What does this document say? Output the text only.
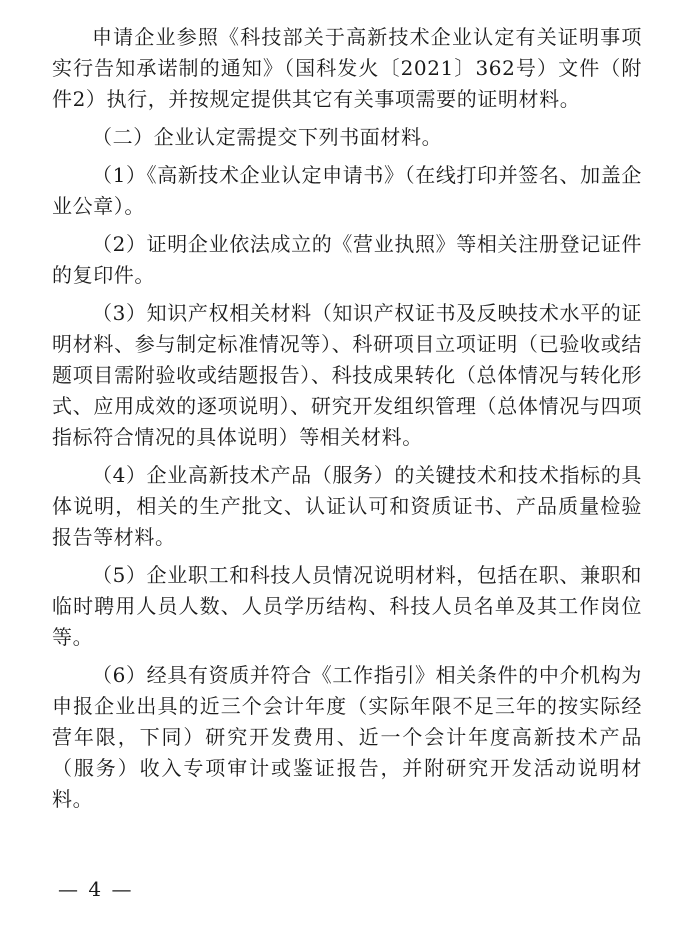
申请企业参照《科技部关于高新技术企业认定有关证明事项实行告知承诺制的通知》（国科发火〔2021〕362号）文件（附件2）执行，并按规定提供其它有关事项需要的证明材料。

（二）企业认定需提交下列书面材料。

（1）《高新技术企业认定申请书》（在线打印并签名、加盖企业公章）。

（2）证明企业依法成立的《营业执照》等相关注册登记证件的复印件。

（3）知识产权相关材料（知识产权证书及反映技术水平的证明材料、参与制定标准情况等）、科研项目立项证明（已验收或结题项目需附验收或结题报告）、科技成果转化（总体情况与转化形式、应用成效的逐项说明）、研究开发组织管理（总体情况与四项指标符合情况的具体说明）等相关材料。

（4）企业高新技术产品（服务）的关键技术和技术指标的具体说明，相关的生产批文、认证认可和资质证书、产品质量检验报告等材料。

（5）企业职工和科技人员情况说明材料，包括在职、兼职和临时聘用人员人数、人员学历结构、科技人员名单及其工作岗位等。

（6）经具有资质并符合《工作指引》相关条件的中介机构为申报企业出具的近三个会计年度（实际年限不足三年的按实际经营年限，下同）研究开发费用、近一个会计年度高新技术产品（服务）收入专项审计或鉴证报告，并附研究开发活动说明材料。

— 4 —
